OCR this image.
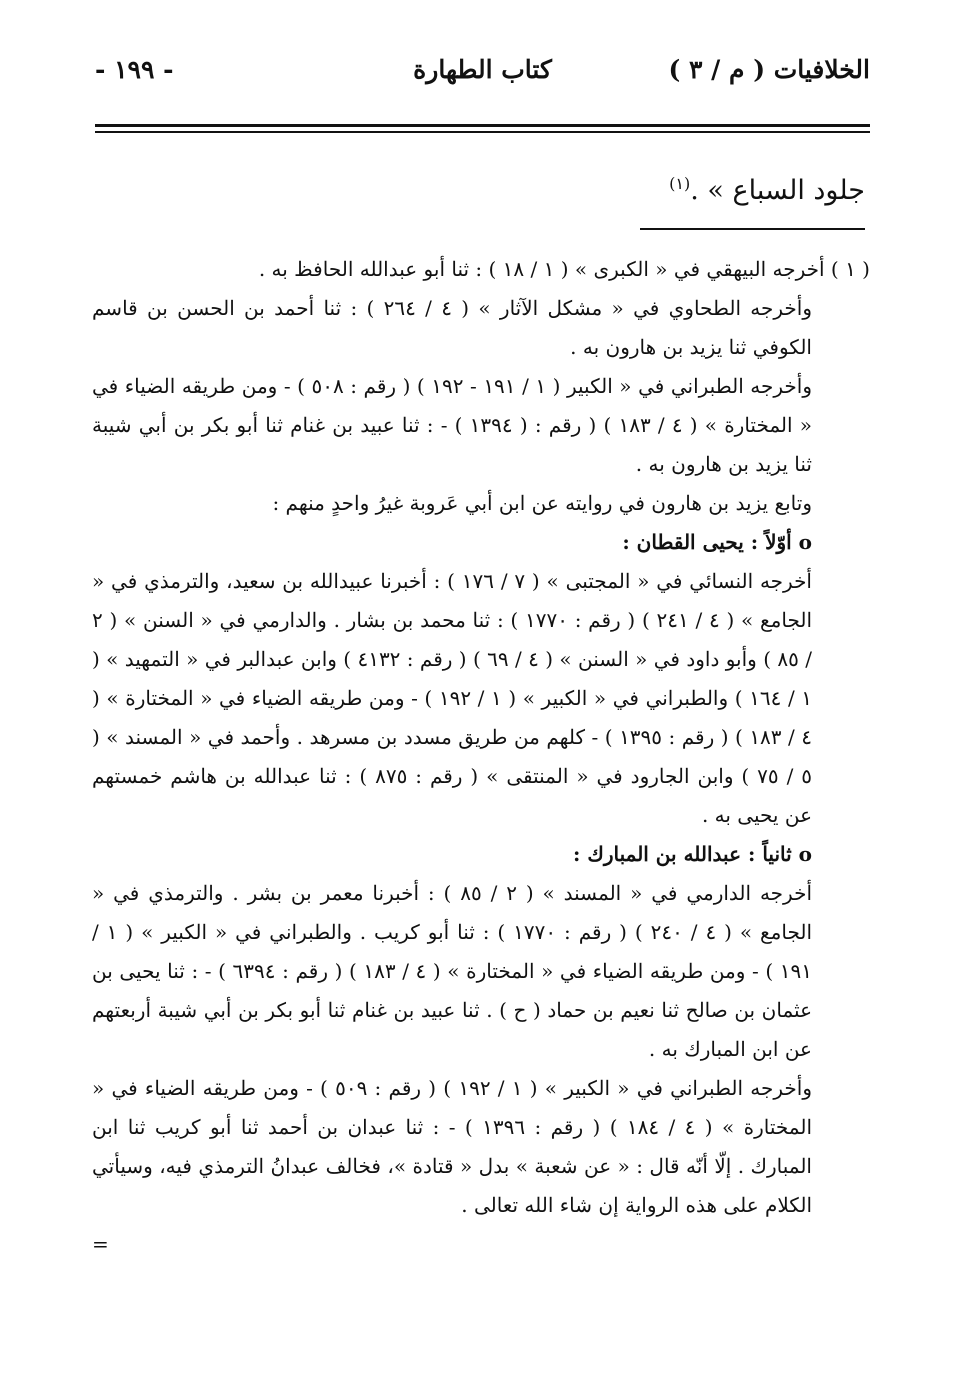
الخلافيات ( م / ٣ )
كتاب الطهارة
- ١٩٩ -
جلود السباع » .$^{(١)}$

( ١ ) أخرجه البيهقي في « الكبرى » ( ١ / ١٨ ) : ثنا أبو عبدالله الحافظ به .

وأخرجه الطحاوي في « مشكل الآثار » ( ٤ / ٢٦٤ ) : ثنا أحمد بن الحسن بن قاسم الكوفي ثنا يزيد بن هارون به .

وأخرجه الطبراني في « الكبير ( ١ / ١٩١ - ١٩٢ ) ( رقم : ٥٠٨ ) - ومن طريقه الضياء في « المختارة » ( ٤ / ١٨٣ ) ( رقم : ( ١٣٩٤ ) - : ثنا عبيد بن غنام ثنا أبو بكر بن أبي شيبة ثنا يزيد بن هارون به .

وتابع يزيد بن هارون في روايته عن ابن أبي عَروبة غيرُ واحدٍ منهم :

o أوّلاً : يحيى القطان :

أخرجه النسائي في « المجتبى » ( ٧ / ١٧٦ ) : أخبرنا عبيدالله بن سعيد، والترمذي في « الجامع » ( ٤ / ٢٤١ ) ( رقم : ١٧٧٠ ) : ثنا محمد بن بشار . والدارمي في « السنن » ( ٢ / ٨٥ ) وأبو داود في « السنن » ( ٤ / ٦٩ ) ( رقم : ٤١٣٢ ) وابن عبدالبر في « التمهيد » ( ١ / ١٦٤ ) والطبراني في « الكبير » ( ١ / ١٩٢ ) - ومن طريقه الضياء في « المختارة » ( ٤ / ١٨٣ ) ( رقم : ١٣٩٥ ) - كلهم من طريق مسدد بن مسرهد . وأحمد في « المسند » ( ٥ / ٧٥ ) وابن الجارود في « المنتقى » ( رقم : ٨٧٥ ) : ثنا عبدالله بن هاشم خمستهم عن يحيى به .

o ثانياً : عبدالله بن المبارك :

أخرجه الدارمي في « المسند » ( ٢ / ٨٥ ) : أخبرنا معمر بن بشر . والترمذي في « الجامع » ( ٤ / ٢٤٠ ) ( رقم : ١٧٧٠ ) : ثنا أبو كريب . والطبراني في « الكبير » ( ١ / ١٩١ ) - ومن طريقه الضياء في « المختارة » ( ٤ / ١٨٣ ) ( رقم : ٦٣٩٤ ) - : ثنا يحيى بن عثمان بن صالح ثنا نعيم بن حماد ( ح ) . ثنا عبيد بن غنام ثنا أبو بكر بن أبي شيبة أربعتهم عن ابن المبارك به .

وأخرجه الطبراني في « الكبير » ( ١ / ١٩٢ ) ( رقم : ٥٠٩ ) - ومن طريقه الضياء في « المختارة » ( ٤ / ١٨٤ ) ( رقم : ١٣٩٦ ) - : ثنا عبدان بن أحمد ثنا أبو كريب ثنا ابن المبارك . إلّا أنّه قال : « عن شعبة » بدل « قتادة »، فخالف عبدانُ الترمذي فيه، وسيأتي الكلام على هذه الرواية إن شاء الله تعالى .

=
